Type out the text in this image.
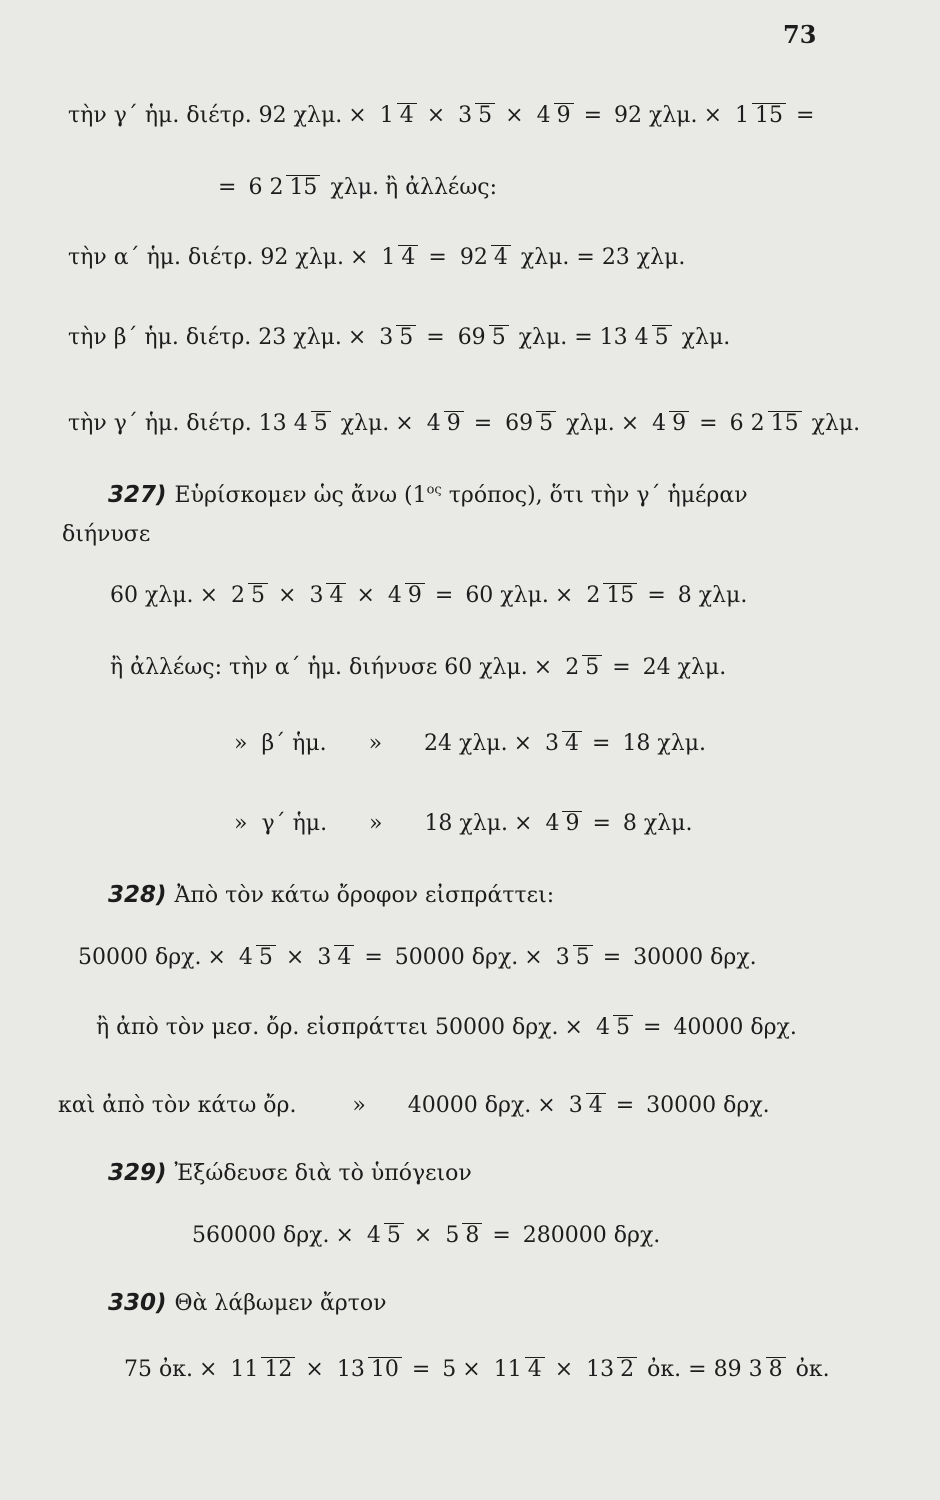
73
τὴν γ΄ ἡμ. διέτρ. 92 χλμ. × 1 4 × 3 5 × 4 9 = 92 χλμ. × 1 15 =
= 6 2 15 χλμ. ἢ ἀλλέως:
τὴν α΄ ἡμ. διέτρ. 92 χλμ. × 1 4 = 92 4 χλμ. = 23 χλμ.
τὴν β΄ ἡμ. διέτρ. 23 χλμ. × 3 5 = 69 5 χλμ. = 13 4 5 χλμ.
τὴν γ΄ ἡμ. διέτρ. 13 4 5 χλμ. × 4 9 = 69 5 χλμ. × 4 9 = 6 2 15 χλμ.
327) Εὑρίσκομεν ὡς ἄνω ($1^{o\varsigma}$ τρόπος), ὅτι τὴν γ΄ ἡμέραν
διήνυσε
60 χλμ. × 2 5 × 3 4 × 4 9 = 60 χλμ. × 2 15 = 8 χλμ.
ἢ ἀλλέως: τὴν α΄ ἡμ. διήνυσε 60 χλμ. × 2 5 = 24 χλμ.
»  β΄ ἡμ.      »      24 χλμ. × 3 4 = 18 χλμ.
»  γ΄ ἡμ.      »      18 χλμ. × 4 9 = 8 χλμ.
328) Ἀπὸ τὸν κάτω ὄροφον εἰσπράττει:
50000 δρχ. × 4 5 × 3 4 = 50000 δρχ. × 3 5 = 30000 δρχ.
ἢ ἀπὸ τὸν μεσ. ὄρ. εἰσπράττει 50000 δρχ. × 4 5 = 40000 δρχ.
καὶ ἀπὸ τὸν κάτω ὄρ.        »      40000 δρχ. × 3 4 = 30000 δρχ.
329) Ἐξώδευσε διὰ τὸ ὑπόγειον
560000 δρχ. × 4 5 × 5 8 = 280000 δρχ.
330) Θὰ λάβωμεν ἄρτον
75 ὀκ. × 11 12 × 13 10 = 5 × 11 4 × 13 2 ὀκ. = 89 3 8 ὀκ.
